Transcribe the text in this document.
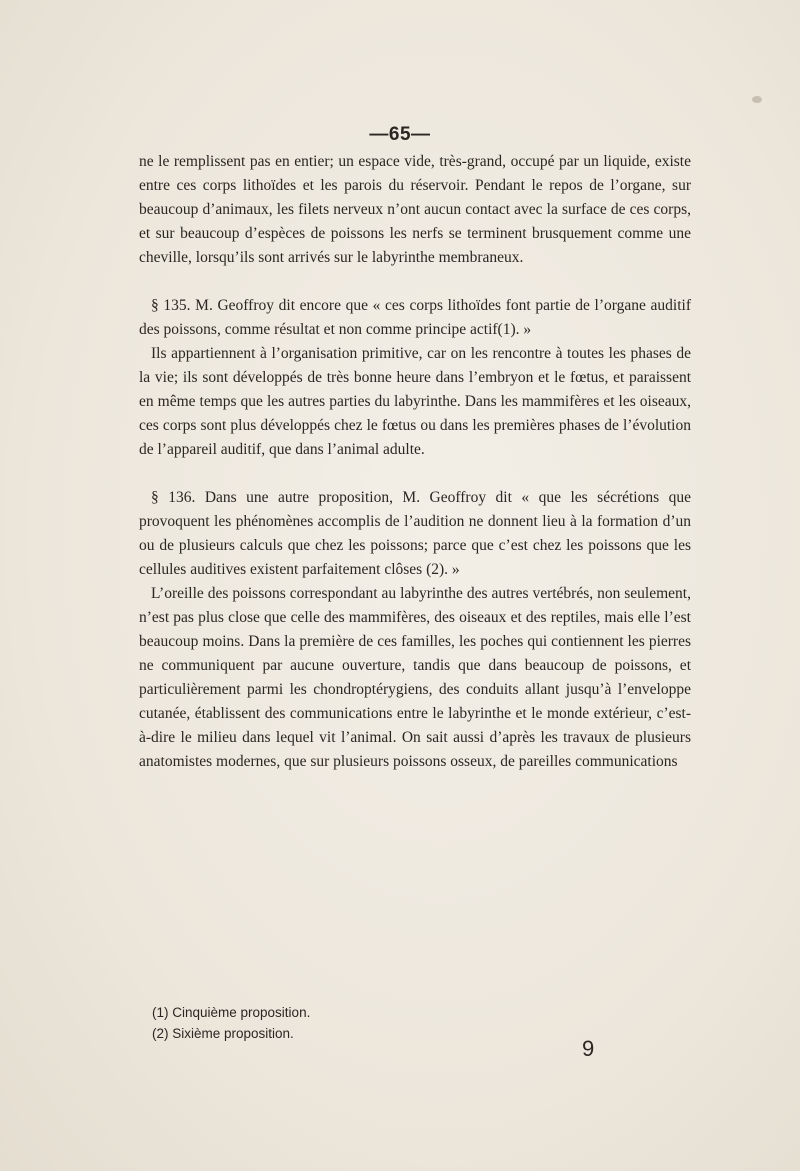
—65—

ne le remplissent pas en entier; un espace vide, très-grand, occupé par un liquide, existe entre ces corps lithoïdes et les parois du réservoir. Pendant le repos de l’organe, sur beaucoup d’animaux, les filets nerveux n’ont aucun contact avec la surface de ces corps, et sur beaucoup d’espèces de poissons les nerfs se terminent brusquement comme une cheville, lorsqu’ils sont arrivés sur le labyrinthe membraneux.

§ 135. M. Geoffroy dit encore que « ces corps lithoïdes font partie de l’organe auditif des poissons, comme résultat et non comme principe actif(1). »

Ils appartiennent à l’organisation primitive, car on les rencontre à toutes les phases de la vie; ils sont développés de très bonne heure dans l’embryon et le fœtus, et paraissent en même temps que les autres parties du labyrinthe. Dans les mammifères et les oiseaux, ces corps sont plus développés chez le fœtus ou dans les premières phases de l’évolution de l’appareil auditif, que dans l’animal adulte.

§ 136. Dans une autre proposition, M. Geoffroy dit « que les sécrétions que provoquent les phénomènes accomplis de l’audition ne donnent lieu à la formation d’un ou de plusieurs calculs que chez les poissons; parce que c’est chez les poissons que les cellules auditives existent parfaitement clôses (2). »

L’oreille des poissons correspondant au labyrinthe des autres vertébrés, non seulement, n’est pas plus close que celle des mammifères, des oiseaux et des reptiles, mais elle l’est beaucoup moins. Dans la première de ces familles, les poches qui contiennent les pierres ne communiquent par aucune ouverture, tandis que dans beaucoup de poissons, et particulièrement parmi les chondroptérygiens, des conduits allant jusqu’à l’enveloppe cutanée, établissent des communications entre le labyrinthe et le monde extérieur, c’est-à-dire le milieu dans lequel vit l’animal. On sait aussi d’après les travaux de plusieurs anatomistes modernes, que sur plusieurs poissons osseux, de pareilles communications

(1) Cinquième proposition.
(2) Sixième proposition.
9
